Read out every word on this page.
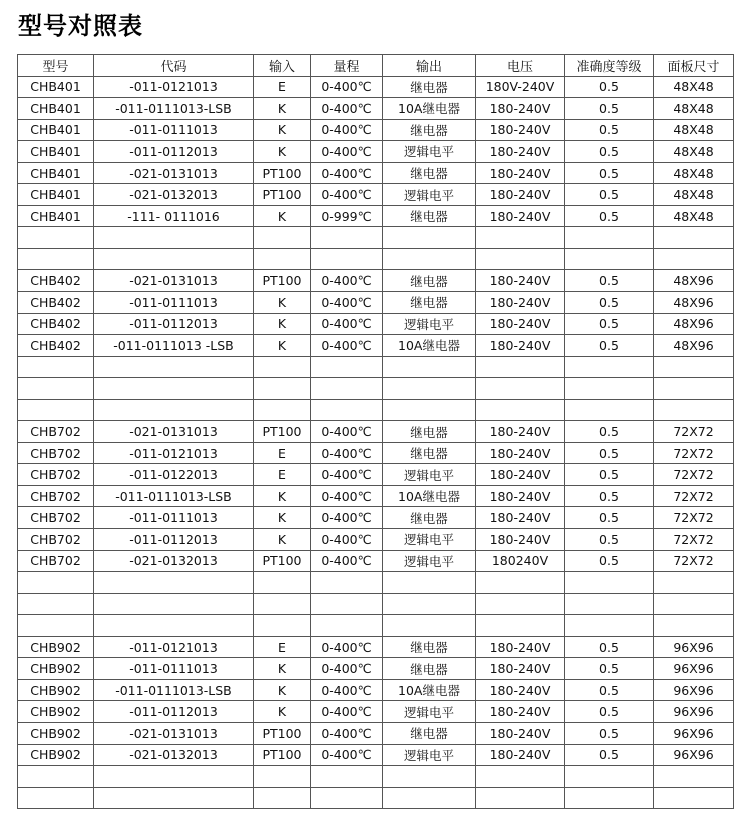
型号对照表
型号	代码	输入	量程	输出	电压	准确度等级	面板尺寸
CHB401	-011-0121013	E	0-400℃	继电器	180V-240V	0.5	48X48
CHB401	-011-0111013-LSB	K	0-400℃	10A继电器	180-240V	0.5	48X48
CHB401	-011-0111013	K	0-400℃	继电器	180-240V	0.5	48X48
CHB401	-011-0112013	K	0-400℃	逻辑电平	180-240V	0.5	48X48
CHB401	-021-0131013	PT100	0-400℃	继电器	180-240V	0.5	48X48
CHB401	-021-0132013	PT100	0-400℃	逻辑电平	180-240V	0.5	48X48
CHB401	-111- 0111016	K	0-999℃	继电器	180-240V	0.5	48X48

CHB402	-021-0131013	PT100	0-400℃	继电器	180-240V	0.5	48X96
CHB402	-011-0111013	K	0-400℃	继电器	180-240V	0.5	48X96
CHB402	-011-0112013	K	0-400℃	逻辑电平	180-240V	0.5	48X96
CHB402	-011-0111013 -LSB	K	0-400℃	10A继电器	180-240V	0.5	48X96

CHB702	-021-0131013	PT100	0-400℃	继电器	180-240V	0.5	72X72
CHB702	-011-0121013	E	0-400℃	继电器	180-240V	0.5	72X72
CHB702	-011-0122013	E	0-400℃	逻辑电平	180-240V	0.5	72X72
CHB702	-011-0111013-LSB	K	0-400℃	10A继电器	180-240V	0.5	72X72
CHB702	-011-0111013	K	0-400℃	继电器	180-240V	0.5	72X72
CHB702	-011-0112013	K	0-400℃	逻辑电平	180-240V	0.5	72X72
CHB702	-021-0132013	PT100	0-400℃	逻辑电平	180240V	0.5	72X72

CHB902	-011-0121013	E	0-400℃	继电器	180-240V	0.5	96X96
CHB902	-011-0111013	K	0-400℃	继电器	180-240V	0.5	96X96
CHB902	-011-0111013-LSB	K	0-400℃	10A继电器	180-240V	0.5	96X96
CHB902	-011-0112013	K	0-400℃	逻辑电平	180-240V	0.5	96X96
CHB902	-021-0131013	PT100	0-400℃	继电器	180-240V	0.5	96X96
CHB902	-021-0132013	PT100	0-400℃	逻辑电平	180-240V	0.5	96X96
